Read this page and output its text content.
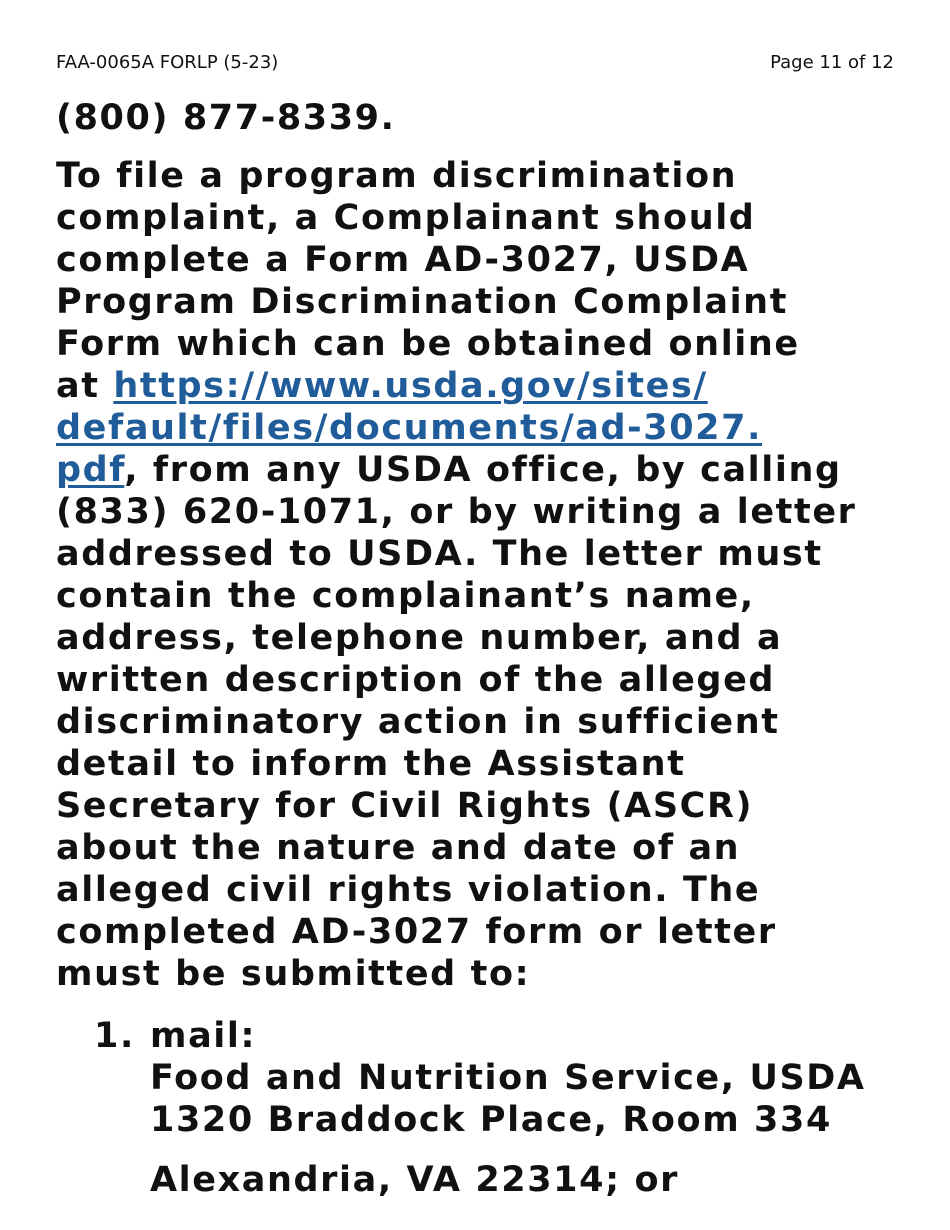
FAA-0065A FORLP (5-23)	Page 11 of 12
(800) 877-8339.
To file a program discrimination
complaint, a Complainant should
complete a Form AD-3027, USDA
Program Discrimination Complaint
Form which can be obtained online
at https://www.usda.gov/sites/
default/files/documents/ad-3027.
pdf, from any USDA office, by calling
(833) 620-1071, or by writing a letter
addressed to USDA. The letter must
contain the complainant’s name,
address, telephone number, and a
written description of the alleged
discriminatory action in sufficient
detail to inform the Assistant
Secretary for Civil Rights (ASCR)
about the nature and date of an
alleged civil rights violation. The
completed AD-3027 form or letter
must be submitted to:
1. mail:
Food and Nutrition Service, USDA
1320 Braddock Place, Room 334
Alexandria, VA 22314; or
